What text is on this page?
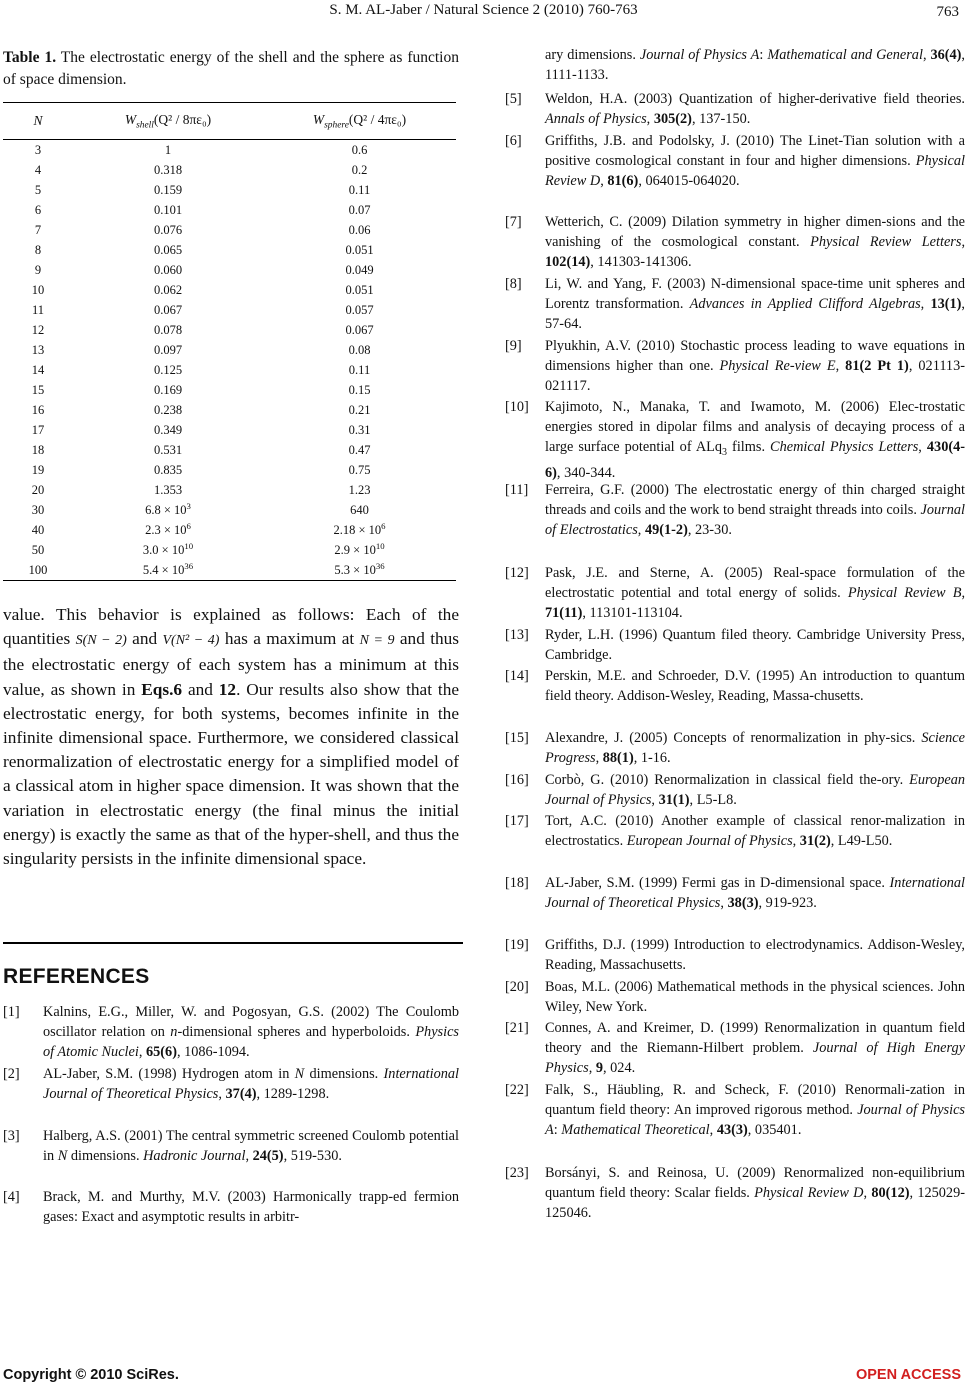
S. M. AL-Jaber / Natural Science 2 (2010) 760-763	763
Table 1. The electrostatic energy of the shell and the sphere as function of space dimension.
N	$W_{shell}(Q^2 / 8\pi\varepsilon_0)$	$W_{sphere}(Q^2 / 4\pi\varepsilon_0)$
3	1	0.6
4	0.318	0.2
5	0.159	0.11
6	0.101	0.07
7	0.076	0.06
8	0.065	0.051
9	0.060	0.049
10	0.062	0.051
11	0.067	0.057
12	0.078	0.067
13	0.097	0.08
14	0.125	0.11
15	0.169	0.15
16	0.238	0.21
17	0.349	0.31
18	0.531	0.47
19	0.835	0.75
20	1.353	1.23
30	$6.8 \times 10^3$	640
40	$2.3 \times 10^6$	$2.18 \times 10^6$
50	$3.0 \times 10^{10}$	$2.9 \times 10^{10}$
100	$5.4 \times 10^{36}$	$5.3 \times 10^{36}$
value. This behavior is explained as follows: Each of the quantities S(N − 2) and V(N² − 4) has a maximum at N = 9 and thus the electrostatic energy of each system has a minimum at this value, as shown in Eqs.6 and 12. Our results also show that the electrostatic energy, for both systems, becomes infinite in the infinite dimensional space. Furthermore, we considered classical renormalization of electrostatic energy for a simplified model of a classical atom in higher space dimension. It was shown that the variation in electrostatic energy (the final minus the initial energy) is exactly the same as that of the hyper-shell, and thus the singularity persists in the infinite dimensional space.
REFERENCES
[1]	Kalnins, E.G., Miller, W. and Pogosyan, G.S. (2002) The Coulomb oscillator relation on n-dimensional spheres and hyperboloids. Physics of Atomic Nuclei, 65(6), 1086-1094.
[2]	AL-Jaber, S.M. (1998) Hydrogen atom in N dimensions. International Journal of Theoretical Physics, 37(4), 1289-1298.
[3]	Halberg, A.S. (2001) The central symmetric screened Coulomb potential in N dimensions. Hadronic Journal, 24(5), 519-530.
[4]	Brack, M. and Murthy, M.V. (2003) Harmonically trapp-ed fermion gases: Exact and asymptotic results in arbitr-
ary dimensions. Journal of Physics A: Mathematical and General, 36(4), 1111-1133.
[5]	Weldon, H.A. (2003) Quantization of higher-derivative field theories. Annals of Physics, 305(2), 137-150.
[6]	Griffiths, J.B. and Podolsky, J. (2010) The Linet-Tian solution with a positive cosmological constant in four and higher dimensions. Physical Review D, 81(6), 064015-064020.
[7]	Wetterich, C. (2009) Dilation symmetry in higher dimen-sions and the vanishing of the cosmological constant. Physical Review Letters, 102(14), 141303-141306.
[8]	Li, W. and Yang, F. (2003) N-dimensional space-time unit spheres and Lorentz transformation. Advances in Applied Clifford Algebras, 13(1), 57-64.
[9]	Plyukhin, A.V. (2010) Stochastic process leading to wave equations in dimensions higher than one. Physical Re-view E, 81(2 Pt 1), 021113-021117.
[10]	Kajimoto, N., Manaka, T. and Iwamoto, M. (2006) Elec-trostatic energies stored in dipolar films and analysis of decaying process of a large surface potential of ALq$_3$ films. Chemical Physics Letters, 430(4-6), 340-344.
[11]	Ferreira, G.F. (2000) The electrostatic energy of thin charged straight threads and coils and the work to bend straight threads into coils. Journal of Electrostatics, 49(1-2), 23-30.
[12]	Pask, J.E. and Sterne, A. (2005) Real-space formulation of the electrostatic potential and total energy of solids. Physical Review B, 71(11), 113101-113104.
[13]	Ryder, L.H. (1996) Quantum filed theory. Cambridge University Press, Cambridge.
[14]	Perskin, M.E. and Schroeder, D.V. (1995) An introduction to quantum field theory. Addison-Wesley, Reading, Massa-chusetts.
[15]	Alexandre, J. (2005) Concepts of renormalization in phy-sics. Science Progress, 88(1), 1-16.
[16]	Corbò, G. (2010) Renormalization in classical field the-ory. European Journal of Physics, 31(1), L5-L8.
[17]	Tort, A.C. (2010) Another example of classical renor-malization in electrostatics. European Journal of Physics, 31(2), L49-L50.
[18]	AL-Jaber, S.M. (1999) Fermi gas in D-dimensional space. International Journal of Theoretical Physics, 38(3), 919-923.
[19]	Griffiths, D.J. (1999) Introduction to electrodynamics. Addison-Wesley, Reading, Massachusetts.
[20]	Boas, M.L. (2006) Mathematical methods in the physical sciences. John Wiley, New York.
[21]	Connes, A. and Kreimer, D. (1999) Renormalization in quantum field theory and the Riemann-Hilbert problem. Journal of High Energy Physics, 9, 024.
[22]	Falk, S., Häubling, R. and Scheck, F. (2010) Renormali-zation in quantum field theory: An improved rigorous method. Journal of Physics A: Mathematical Theoretical, 43(3), 035401.
[23]	Borsányi, S. and Reinosa, U. (2009) Renormalized non-equilibrium quantum field theory: Scalar fields. Physical Review D, 80(12), 125029-125046.
Copyright © 2010 SciRes.	OPEN ACCESS
